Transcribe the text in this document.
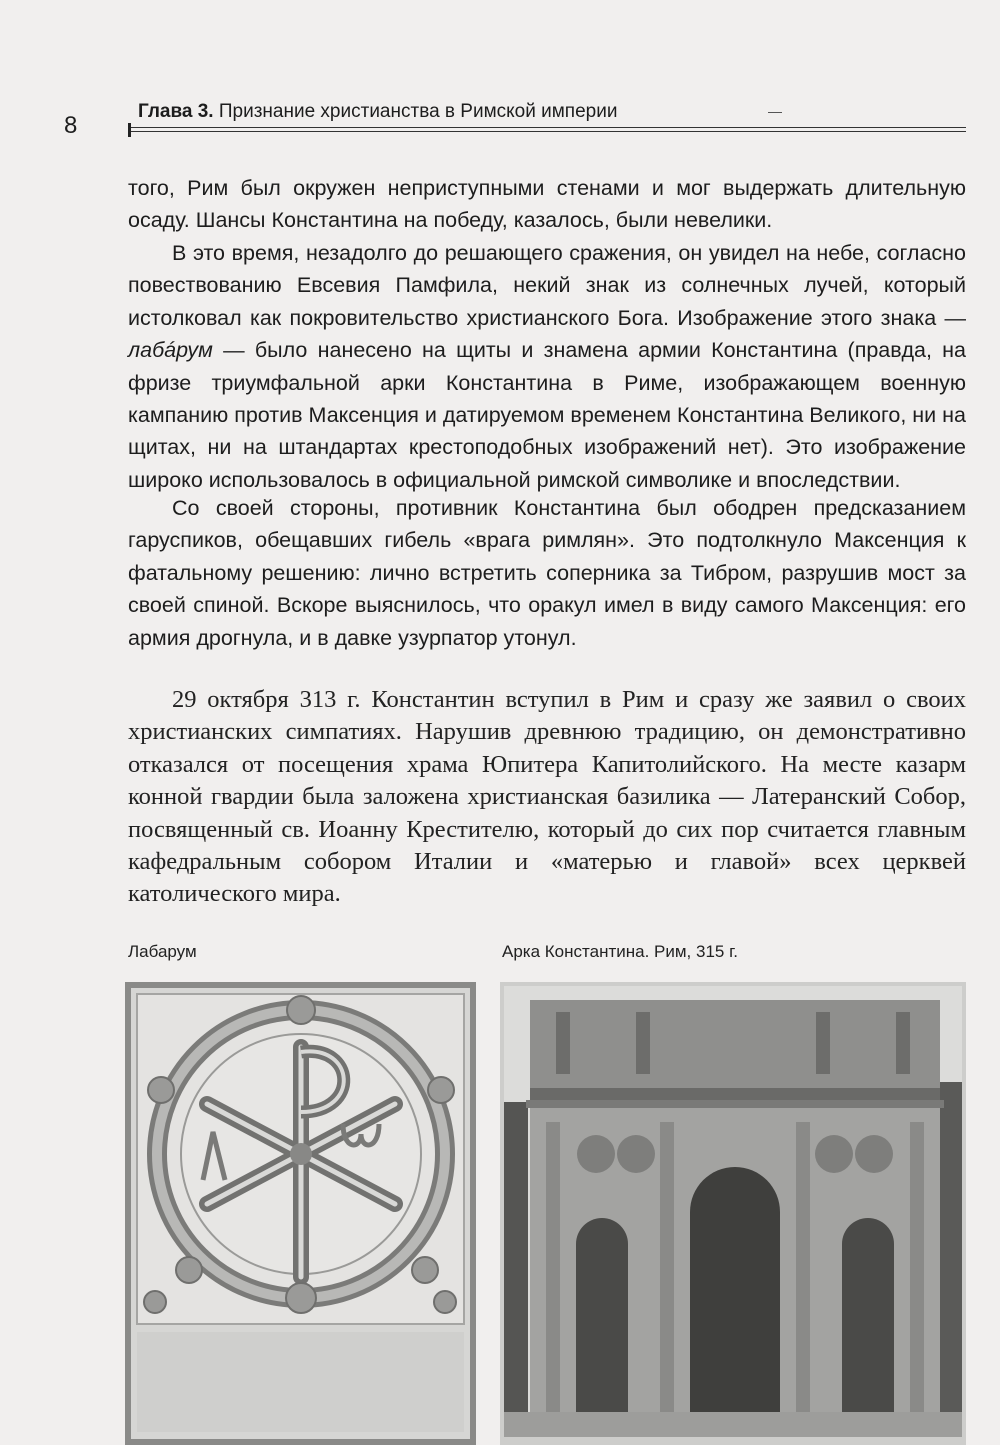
8
Глава 3. Признание христианства в Римской империи

того, Рим был окружен неприступными стенами и мог выдержать длительную осаду. Шансы Константина на победу, казалось, были невелики.

В это время, незадолго до решающего сражения, он увидел на небе, согласно повествованию Евсевия Памфила, некий знак из солнечных лучей, который истолковал как покровительство христианского Бога. Изображение этого знака — лабáрум — было нанесено на щиты и знамена армии Константина (правда, на фризе триумфальной арки Константина в Риме, изображающем военную кампанию против Максенция и датируемом временем Константина Великого, ни на щитах, ни на штандартах крестоподобных изображений нет). Это изображение широко использовалось в официальной римской символике и впоследствии.

Со своей стороны, противник Константина был ободрен предсказанием гаруспиков, обещавших гибель «врага римлян». Это подтолкнуло Максенция к фатальному решению: лично встретить соперника за Тибром, разрушив мост за своей спиной. Вскоре выяснилось, что оракул имел в виду самого Максенция: его армия дрогнула, и в давке узурпатор утонул.

29 октября 313 г. Константин вступил в Рим и сразу же заявил о своих христианских симпатиях. Нарушив древнюю традицию, он демонстративно отказался от посещения храма Юпитера Капитолийского. На месте казарм конной гвардии была заложена христианская базилика — Латеранский Собор, посвященный св. Иоанну Крестителю, который до сих пор считается главным кафедральным собором Италии и «матерью и главой» всех церквей католического мира.

Лабарум	Арка Константина. Рим, 315 г.
